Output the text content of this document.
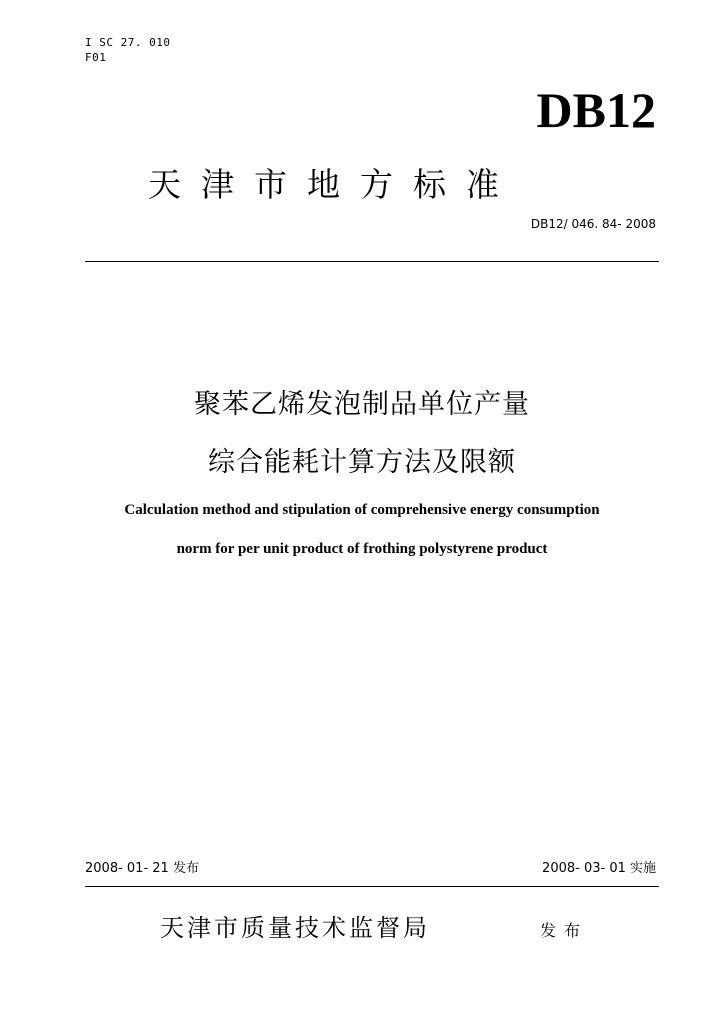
I SC 27. 010
F01
DB12
天津市地方标准
DB12/ 046. 84- 2008
聚苯乙烯发泡制品单位产量
综合能耗计算方法及限额
Calculation method and stipulation of comprehensive energy consumption
norm for per unit product of frothing polystyrene product
2008- 01- 21 发布	2008- 03- 01 实施
天津市质量技术监督局	发布
